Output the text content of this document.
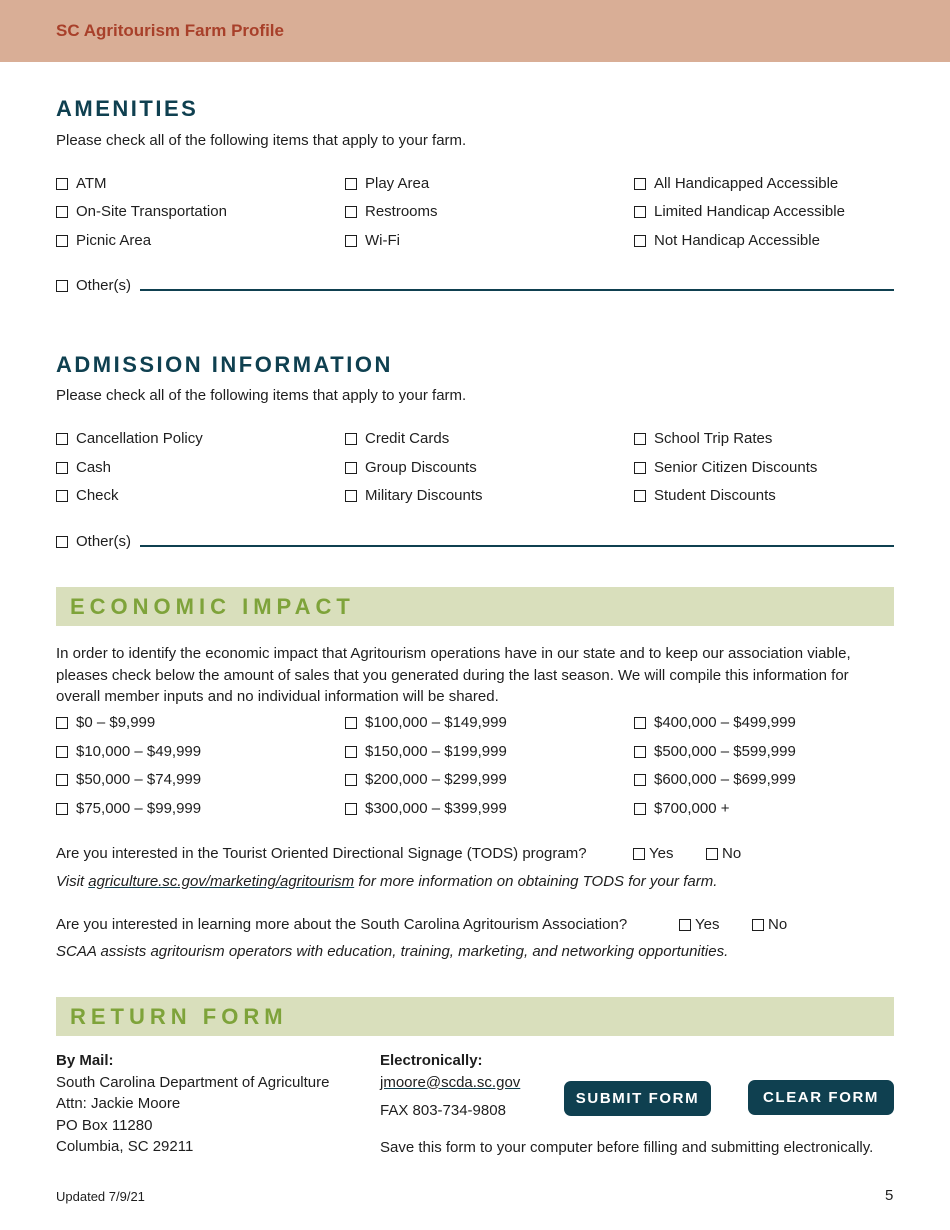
SC Agritourism Farm Profile
AMENITIES
Please check all of the following items that apply to your farm.
ATM
On-Site Transportation
Picnic Area
Play Area
Restrooms
Wi-Fi
All Handicapped Accessible
Limited Handicap Accessible
Not Handicap Accessible
Other(s)
ADMISSION INFORMATION
Please check all of the following items that apply to your farm.
Cancellation Policy
Cash
Check
Credit Cards
Group Discounts
Military Discounts
School Trip Rates
Senior Citizen Discounts
Student Discounts
Other(s)
ECONOMIC IMPACT
In order to identify the economic impact that Agritourism operations have in our state and to keep our association viable, pleases check below the amount of sales that you generated during the last season. We will compile this information for overall member inputs and no individual information will be shared.
$0 – $9,999
$10,000 – $49,999
$50,000 – $74,999
$75,000 – $99,999
$100,000 – $149,999
$150,000 – $199,999
$200,000 – $299,999
$300,000 – $399,999
$400,000 – $499,999
$500,000 – $599,999
$600,000 – $699,999
$700,000 +
Are you interested in the Tourist Oriented Directional Signage (TODS) program?	Yes	No
Visit agriculture.sc.gov/marketing/agritourism for more information on obtaining TODS for your farm.
Are you interested in learning more about the South Carolina Agritourism Association?	Yes	No
SCAA assists agritourism operators with education, training, marketing, and networking opportunities.
RETURN FORM
By Mail:
South Carolina Department of Agriculture
Attn: Jackie Moore
PO Box 11280
Columbia, SC 29211
Electronically:
jmoore@scda.sc.gov
FAX 803-734-9808
SUBMIT FORM	CLEAR FORM
Save this form to your computer before filling and submitting electronically.
Updated 7/9/21	5
